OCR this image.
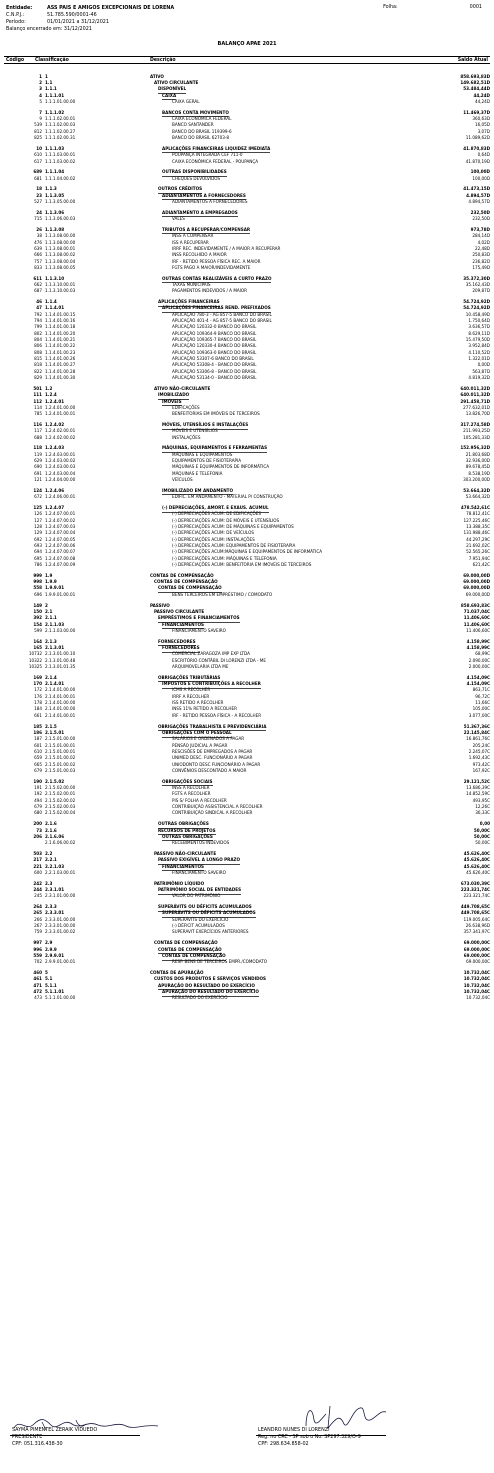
Entidade:	ASS PAIS E AMIGOS EXCEPCIONAIS DE LORENA
C.N.P.J.:	51.785.590/0001-46
Período:	01/01/2021 a 31/12/2021
Balanço encerrado em:
31/12/2021
Folha:	0001
BALANÇO APAE 2021
Código Classificação	Descrição	Saldo Atual
1 1	ATIVO	858.693,83D
2 1.1	ATIVO CIRCULANTE	149.682,51D
3 1.1.1	DISPONÍVEL	53.484,44D
4 1.1.1.01	CAIXA	44,24D
5 1.1.1.01.00.00	CAIXA GERAL	44,24D
7 1.1.1.02	BANCOS CONTA MOVIMENTO	11.469,37D
9 1.1.1.02.00.01	CAIXA ECONÔMICA FEDERAL	360,63D
539 1.1.1.02.00.03	BANCO SANTANDER	16,05D
812 1.1.1.02.00.27	BANCO DO BRASIL 119399-6	3,07D
825 1.1.1.02.00.31	BANCO DO BRASIL 62703-8	11.089,62D
10 1.1.1.03	APLICAÇÕES FINANCEIRAS LIQUIDEZ IMEDIATA	41.870,83D
610 1.1.1.03.00.01	POUPANÇA INTEGRADA CEF 711-0	0,64D
617 1.1.1.03.00.02	CAIXA ECONÔMICA FEDERAL - POUPANÇA	41.870,19D
689 1.1.1.04	OUTRAS DISPONIBILIDADES	100,00D
681 1.1.1.04.00.02	CHEQUES DEVOLVIDOS	100,00D
18 1.1.3	OUTROS CRÉDITOS	41.473,15D
23 1.1.3.05	ADIANTAMENTOS A FORNECEDORES	4.894,57D
527 1.1.3.05.00.00	ADIANTAMENTOS A FORNECEDORES	4.894,57D
24 1.1.3.06	ADIANTAMENTO A EMPREGADOS	232,50D
715 1.1.3.06.00.03	VALES	232,50D
26 1.1.3.08	TRIBUTOS A RECUPERAR/COMPENSAR	973,78D
38 1.1.3.08.00.00	INSS A COMPENSAR	284,14D
476 1.1.3.08.00.00	ISS A RECUPERAR	4,02D
639 1.1.3.08.00.01	IRRF REC. INDEVIDAMENTE / A MAIOR A RECUPERAR	22,48D
666 1.1.3.08.00.02	INSS RECOLHIDO A MAIOR	250,83D
757 1.1.3.08.00.04	IRF - RETIDO PESSOA FÍSICA REC. A MAIOR	236,82D
833 1.1.3.08.00.05	FGTS PAGO A MAIOR/INDEVIDAMENTE	175,49D
611 1.1.3.10	OUTRAS CONTAS REALIZÁVEIS A CURTO PRAZO	35.372,30D
662 1.1.3.10.00.01	TAXAS MUNICIPAIS	35.162,43D
687 1.1.3.10.00.03	PAGAMENTOS INDEVIDOS / A MAIOR	209,87D
46 1.1.4	APLICAÇÕES FINANCEIRAS	54.724,92D
47 1.1.4.01	APLICAÇÕES FINANCEIRAS REND. PREFIXADOS	54.724,92D
792 1.1.4.01.00.15	APLICAÇÃO 780-3 - AG 857-5 BANCO DO BRASIL	10.458,49D
794 1.1.4.01.00.16	APLICAÇÃO 401-4 - AG 857-5 BANCO DO BRASIL	1.750,64D
799 1.1.4.01.00.18	APLICAÇÃO 120332-0 BANCO DO BRASIL	3.636,57D
802 1.1.4.01.00.20	APLICAÇÃO 109364-9 BANCO DO BRASIL	8.629,11D
804 1.1.4.01.00.21	APLICAÇÃO 109365-7 BANCO DO BRASIL	15.479,50D
806 1.1.4.01.00.22	APLICAÇÃO 120330-4 BANCO DO BRASIL	3.952,84D
808 1.1.4.01.00.23	APLICAÇÃO 109363-0 BANCO DO BRASIL	4.110,52D
815 1.1.4.01.00.26	APLICAÇÃO 53307-6 BANCO DO BRASIL	1.322,01D
818 1.1.4.01.00.27	APLICAÇÃO 53308-4 - BANCO DO BRASIL	0,00D
822 1.1.4.01.00.28	APLICAÇÃO 53306-8 - BANCO DO BRASIL	563,87D
829 1.1.4.01.00.30	APLICAÇÃO 53134-0 - BANCO DO BRASIL	4.819,32D
501 1.2	ATIVO NÃO-CIRCULANTE	640.011,32D
111 1.2.4	IMOBILIZADO	640.011,32D
112 1.2.4.01	IMÓVEIS	291.458,71D
114 1.2.4.01.00.00	EDIFICAÇÕES	277.632,01D
785 1.2.4.01.00.01	BENFEITORIAS EM IMÓVEIS DE TERCEIROS	13.826,70D
116 1.2.4.02	MÓVEIS, UTENSÍLIOS E INSTALAÇÕES	317.274,58D
117 1.2.4.02.00.01	MÓVEIS E UTENSÍLIOS	211.993,25D
688 1.2.4.02.00.02	INSTALAÇÕES	105.281,33D
118 1.2.4.03	MÁQUINAS, EQUIPAMENTOS E FERRAMENTAS	152.956,32D
119 1.2.4.03.00.01	MÁQUINAS E EQUIPAMENTOS	21.803,68D
629 1.2.4.03.00.02	EQUIPAMENTOS DE FISIOTERAPIA	32.936,00D
690 1.2.4.03.00.03	MÁQUINAS E EQUIPAMENTOS DE INFORMÁTICA	89.678,45D
691 1.2.4.03.00.04	MÁQUINAS E TELEFONIA	8.538,19D
121 1.2.4.04.00.00	VEÍCULOS	303.200,00D
124 1.2.4.06	IMOBILIZADO EM ANDAMENTO	53.664,32D
672 1.2.4.06.00.01	EDIFIC. EM ANDAMENTO - MATERIAL P/ CONSTRUÇÃO	53.664,32D
125 1.2.4.07	(-) DEPRECIAÇÕES, AMORT. E EXAUS. ACUMUL	478.542,61C
126 1.2.4.07.00.01	(-) DEPRECIAÇÕES ACUM: DE EDIFICAÇÕES	78.812,41C
127 1.2.4.07.00.02	(-) DEPRECIAÇÕES ACUM: DE MÓVEIS E UTENSÍLIOS	127.225,46C
128 1.2.4.07.00.03	(-) DEPRECIAÇÕES ACUM: DE MÁQUINAS E EQUIPAMENTOS	13.388,35C
129 1.2.4.07.00.04	(-) DEPRECIAÇÕES ACUM: DE VEÍCULOS	131.988,46C
692 1.2.4.07.00.05	(-) DEPRECIAÇÕES ACUM: INSTALAÇÕES	44.297,29C
693 1.2.4.07.00.06	(-) DEPRECIAÇÕES ACUM: EQUIPAMENTOS DE FISIOTERAPIA	21.692,02C
694 1.2.4.07.00.07	(-) DEPRECIAÇÕES ACUM:MÁQUINAS E EQUIPAMENTOS DE INFORMÁTICA	52.565,26C
695 1.2.4.07.00.08	(-) DEPRECIAÇÕES ACUM: MÁQUINAS E TELEFONIA	7.951,94C
786 1.2.4.07.00.09	(-) DEPRECIAÇÕES ACUM: BENFEITORIA EM IMÓVEIS DE TERCEIROS	621,42C
999 1.9	CONTAS DE COMPENSAÇÃO	69.000,00D
998 1.9.9	CONTAS DE COMPENSAÇÃO	69.000,00D
558 1.9.9.01	CONTAS DE COMPENSAÇÃO	69.000,00D
696 1.9.9.01.00.01	BENS TERCEIROS EM EMPRÉSTIMO / COMODATO	69.000,00D
149 2	PASSIVO	858.693,83C
150 2.1	PASSIVO CIRCULANTE	71.037,04C
392 2.1.1	EMPRÉSTIMOS E FINANCIAMENTOS	11.406,60C
154 2.1.1.03	FINANCIAMENTOS	11.406,60C
599 2.1.1.03.00.00	FINANCIAMENTO SAVEIRO	11.406,60C
164 2.1.3	FORNECEDORES	4.158,99C
165 2.1.3.01	FORNECEDORES	4.158,99C
10732 2.1.3.01.00.10	COMERCIAL ZARAGOZA IMP EXP LTDA	68,99C
10322 2.1.3.01.00.48	ESCRITÓRIO CONTÁBIL DI LORENZI LTDA - ME	2.090,00C
10325 2.1.3.01.01.35	ARQUIMOVELARIA LTDA ME	2.000,00C
169 2.1.4	OBRIGAÇÕES TRIBUTÁRIAS	4.154,09C
170 2.1.4.01	IMPOSTOS E CONTRIBUIÇÕES A RECOLHER	4.154,09C
172 2.1.4.01.00.00	ICMS A RECOLHER	863,71C
176 2.1.4.01.00.01	IRRF A RECOLHER	96,72C
178 2.1.4.01.00.00	ISS RETIDO A RECOLHER	11,66C
184 2.1.4.01.00.00	INSS 11% RETIDO A RECOLHER	105,00C
661 2.1.4.01.00.01	IRF - RETIDO PESSOA FÍSICA - A RECOLHER	3.077,00C
185 2.1.5	OBRIGAÇÕES TRABALHISTA E PREVIDENCIÁRIA	51.367,36C
186 2.1.5.01	OBRIGAÇÕES COM O PESSOAL	22.145,84C
187 2.1.5.01.00.00	SALÁRIOS E ORDENADOS A PAGAR	16.861,76C
601 2.1.5.01.00.01	PENSÃO JUDICIAL A PAGAR	205,24C
610 2.1.5.01.00.01	RESCISÕES DE EMPREGADOS A PAGAR	2.245,07C
659 2.1.5.01.00.02	UNIMED DESC. FUNCIONÁRIO A PAGAR	1.692,43C
665 2.1.5.01.00.02	UNIODONTO DESC FUNCIONÁRIO A PAGAR	973,42C
679 2.1.5.01.00.03	CONVÊNIOS DESCONTADO A MAIOR	167,92C
190 2.1.5.02	OBRIGAÇÕES SOCIAIS	29.121,52C
191 2.1.5.02.00.00	INSS A RECOLHER	13.686,39C
192 2.1.5.02.00.01	FGTS A RECOLHER	14.852,59C
494 2.1.5.02.00.02	PIS S/ FOLHA A RECOLHER	493,95C
679 2.1.5.02.00.03	CONTRIBUIÇÃO ASSISTENCIAL A RECOLHER	12,26C
680 2.1.5.02.00.04	CONTRIBUIÇÃO SINDICAL A RECOLHER	36,33C
200 2.1.6	OUTRAS OBRIGAÇÕES	0,00
73 2.1.6	RECURSOS DE PROJETOS	50,00C
206 2.1.6.06	OUTRAS OBRIGAÇÕES	50,00C
2.1.6.06.00.02	RECEBIMENTOS INDEVIDOS	50,00C
503 2.2	PASSIVO NÃO-CIRCULANTE	45.626,40C
217 2.2.1	PASSIVO EXIGÍVEL A LONGO PRAZO	45.626,40C
221 2.2.1.03	FINANCIAMENTOS	45.626,40C
600 2.2.1.03.00.01	FINANCIAMENTO SAVEIRO	45.626,40C
242 2.3	PATRIMÔNIO LÍQUIDO	673.030,39C
244 2.3.1.01	PATRIMÔNIO SOCIAL DE ENTIDADES	223.321,74C
245 2.3.1.01.00.00	VALOR DO PATRIMÔNIO	223.321,74C
264 2.3.3	SUPERÁVITS OU DÉFICITS ACUMULADOS	449.708,65C
265 2.3.3.01	SUPERÁVITS OU DÉFICITS ACUMULADOS	449.708,65C
266 2.3.3.01.00.00	SUPERÁVITS DO EXERCÍCIO	119.005,64C
267 2.3.3.01.00.00	(-) DÉFICIT ACUMULADOS	26.638,96D
759 2.3.3.01.00.02	SUPERAVIT EXERCÍCIOS ANTERIORES	357.341,97C
997 2.9	CONTAS DE COMPENSAÇÃO	69.000,00C
996 2.9.9	CONTAS DE COMPENSAÇÃO	69.000,00C
559 2.9.9.01	CONTAS DE COMPENSAÇÃO	69.000,00C
702 2.9.9.01.00.01	RESP. BENS DE TERCEIROS EMPR./COMODATO	69.000,00C
460 5	CONTAS DE APURAÇÃO	10.732,04C
461 5.1	CUSTOS DOS PRODUTOS E SERVIÇOS VENDIDOS	10.732,04C
471 5.1.1	APURAÇÃO DO RESULTADO DO EXERCÍCIO	10.732,04C
472 5.1.1.01	APURAÇÃO DO RESULTADO DO EXERCÍCIO	10.732,04C
473 5.1.1.01.00.00	RESULTADO DO EXERCÍCIO	10.732,04C
SAYMA PIMENTEL ZERAIK VIDUEDO
PRESIDENTE
CPF: 051.316.438-30
LEANDRO NUNES DI LORENZI
Reg. no CRC - SP sob o No. SP297.329/O-9
CPF: 298.634.858-02
